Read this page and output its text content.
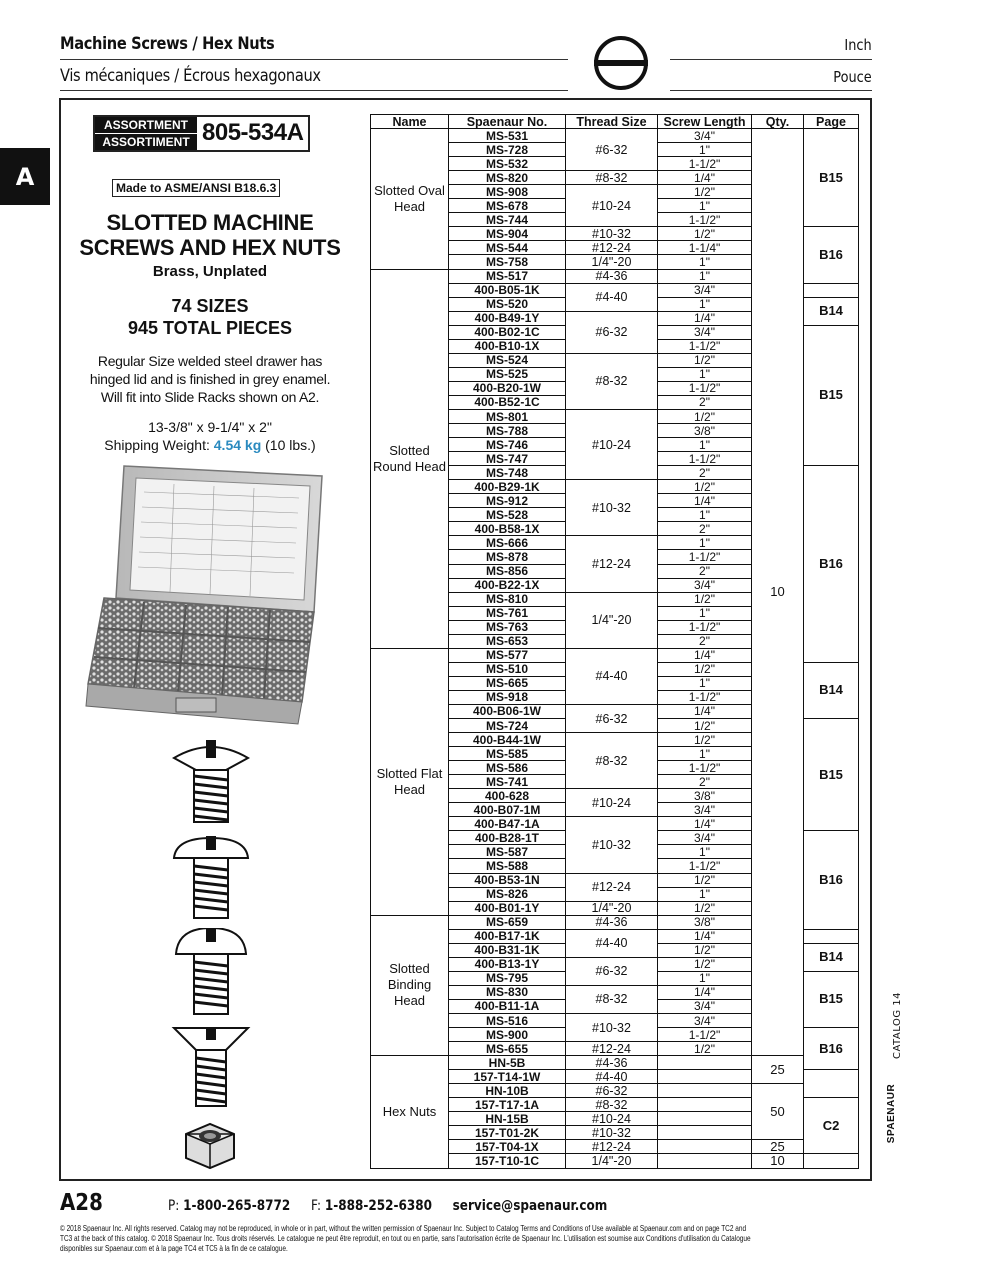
Machine Screws / Hex Nuts
Vis mécaniques / Écrous hexagonaux
Inch
Pouce
A
ASSORTMENT
ASSORTIMENT 805-534A
Made to ASME/ANSI B18.6.3
SLOTTED MACHINE
SCREWS AND HEX NUTS
Brass, Unplated
74 SIZES
945 TOTAL PIECES
Regular Size welded steel drawer has
hinged lid and is finished in grey enamel.
Will fit into Slide Racks shown on A2.
13-3/8" x 9-1/4" x 2"
Shipping Weight: 4.54 kg (10 lbs.)
Name	Spaenaur No.	Thread Size	Screw Length	Qty.	Page
Slotted Oval Head	MS-531	#6-32	3/4"	10	B15
	MS-728		1"		
	MS-532		1-1/2"		
	MS-820	#8-32	1/4"		
	MS-908	#10-24	1/2"		
	MS-678		1"		
	MS-744		1-1/2"		
	MS-904	#10-32	1/2"		B16
	MS-544	#12-24	1-1/4"		
	MS-758	1/4"-20	1"		
Slotted Round Head	MS-517	#4-36	1"		
	400-B05-1K	#4-40	3/4"		
	MS-520		1"		B14
	400-B49-1Y	#6-32	1/4"		
	400-B02-1C		3/4"		B15
	400-B10-1X		1-1/2"		
	MS-524	#8-32	1/2"		
	MS-525		1"		
	400-B20-1W		1-1/2"		
	400-B52-1C		2"		
	MS-801	#10-24	1/2"		
	MS-788		3/8"		
	MS-746		1"		
	MS-747		1-1/2"		
	MS-748		2"		B16
	400-B29-1K	#10-32	1/2"		
	MS-912		1/4"		
	MS-528		1"		
	400-B58-1X		2"		
	MS-666	#12-24	1"		
	MS-878		1-1/2"		
	MS-856		2"		
	400-B22-1X		3/4"		
	MS-810	1/4"-20	1/2"		
	MS-761		1"		
	MS-763		1-1/2"		
	MS-653		2"		
Slotted Flat Head	MS-577	#4-40	1/4"		
	MS-510		1/2"		B14
	MS-665		1"		
	MS-918		1-1/2"		
	400-B06-1W	#6-32	1/4"		
	MS-724		1/2"		B15
	400-B44-1W	#8-32	1/2"		
	MS-585		1"		
	MS-586		1-1/2"		
	MS-741		2"		
	400-628	#10-24	3/8"		
	400-B07-1M		3/4"		
	400-B47-1A	#10-32	1/4"		
	400-B28-1T		3/4"		B16
	MS-587		1"		
	MS-588		1-1/2"		
	400-B53-1N	#12-24	1/2"		
	MS-826		1"		
	400-B01-1Y	1/4"-20	1/2"		
Slotted Binding Head	MS-659	#4-36	3/8"		
	400-B17-1K	#4-40	1/4"		
	400-B31-1K		1/2"		B14
	400-B13-1Y	#6-32	1/2"		
	MS-795		1"		B15
	MS-830	#8-32	1/4"		
	400-B11-1A		3/4"		
	MS-516	#10-32	3/4"		
	MS-900		1-1/2"		B16
	MS-655	#12-24	1/2"		
Hex Nuts	HN-5B	#4-36		25	
	157-T14-1W	#4-40			
	HN-10B	#6-32		50	
	157-T17-1A	#8-32			C2
	HN-15B	#10-24			
	157-T01-2K	#10-32			
	157-T04-1X	#12-24		25	
	157-T10-1C	1/4"-20		10	
CATALOG 14
SPAENAUR
A28	P: 1-800-265-8772 F: 1-888-252-6380 service@spaenaur.com
© 2018 Spaenaur Inc. All rights reserved. Catalog may not be reproduced, in whole or in part, without the written permission of Spaenaur Inc. Subject to Catalog Terms and Conditions of Use available at Spaenaur.com and on page TC2 and
TC3 at the back of this catalog. © 2018 Spaenaur Inc. Tous droits réservés. Le catalogue ne peut être reproduit, en tout ou en partie, sans l'autorisation écrite de Spaenaur Inc. L'utilisation est soumise aux Conditions d'utilisation du Catalogue
disponibles sur Spaenaur.com et à la page TC4 et TC5 à la fin de ce catalogue.
